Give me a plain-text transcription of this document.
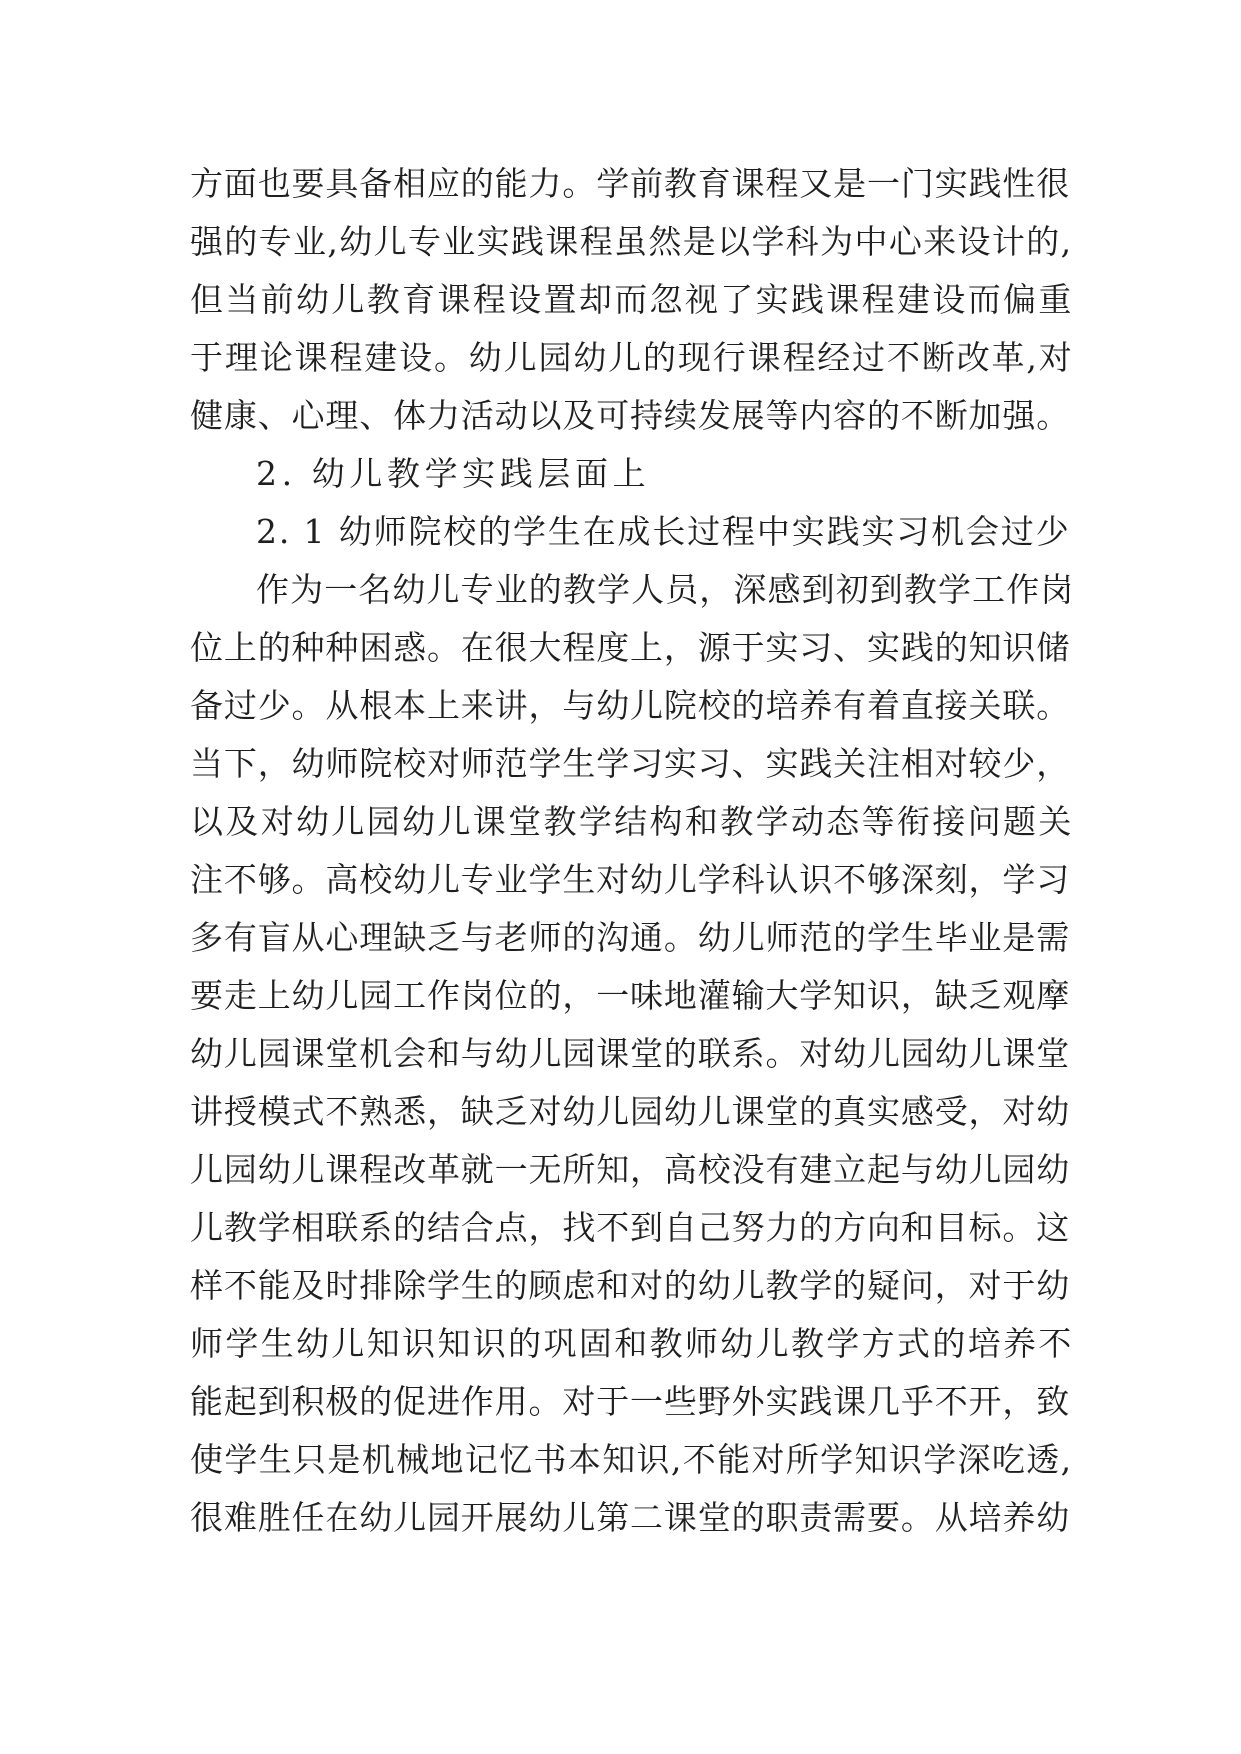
方面也要具备相应的能力。学前教育课程又是一门实践性很
强的专业,幼儿专业实践课程虽然是以学科为中心来设计的,
但当前幼儿教育课程设置却而忽视了实践课程建设而偏重
于理论课程建设。幼儿园幼儿的现行课程经过不断改革,对
健康、心理、体力活动以及可持续发展等内容的不断加强。
2. 幼儿教学实践层面上
2. 1 幼师院校的学生在成长过程中实践实习机会过少
作为一名幼儿专业的教学人员，深感到初到教学工作岗
位上的种种困惑。在很大程度上，源于实习、实践的知识储
备过少。从根本上来讲，与幼儿院校的培养有着直接关联。
当下，幼师院校对师范学生学习实习、实践关注相对较少，
以及对幼儿园幼儿课堂教学结构和教学动态等衔接问题关
注不够。高校幼儿专业学生对幼儿学科认识不够深刻，学习
多有盲从心理缺乏与老师的沟通。幼儿师范的学生毕业是需
要走上幼儿园工作岗位的，一味地灌输大学知识，缺乏观摩
幼儿园课堂机会和与幼儿园课堂的联系。对幼儿园幼儿课堂
讲授模式不熟悉，缺乏对幼儿园幼儿课堂的真实感受，对幼
儿园幼儿课程改革就一无所知，高校没有建立起与幼儿园幼
儿教学相联系的结合点，找不到自己努力的方向和目标。这
样不能及时排除学生的顾虑和对的幼儿教学的疑问，对于幼
师学生幼儿知识知识的巩固和教师幼儿教学方式的培养不
能起到积极的促进作用。对于一些野外实践课几乎不开，致
使学生只是机械地记忆书本知识,不能对所学知识学深吃透,
很难胜任在幼儿园开展幼儿第二课堂的职责需要。从培养幼
